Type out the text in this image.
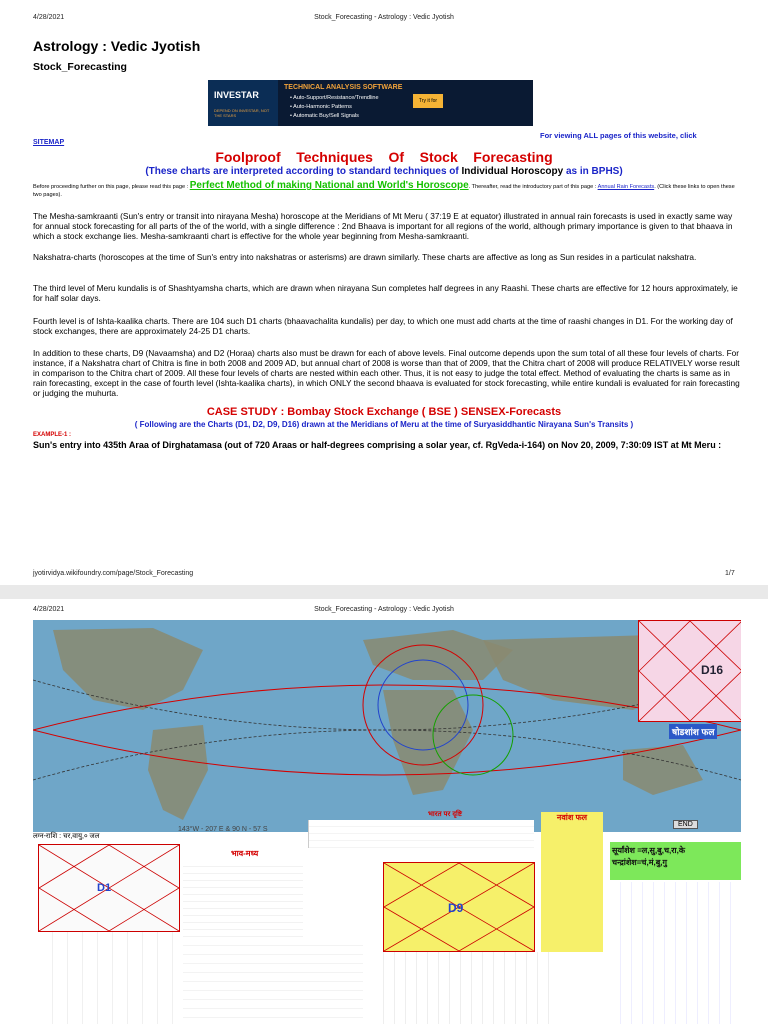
4/28/2021	Stock_Forecasting - Astrology : Vedic Jyotish
Astrology : Vedic Jyotish
Stock_Forecasting
INVESTAR
DEPEND ON INVESTAR, NOT THE STARS
TECHNICAL ANALYSIS SOFTWARE
• Auto-Support/Resistance/Trendline
• Auto-Harmonic Patterns
• Automatic Buy/Sell Signals
Try it for
For viewing ALL pages of this website, click
SITEMAP
Foolproof    Techniques    Of    Stock    Forecasting
(These charts are interpreted according to standard techniques of Individual Horoscopy as in BPHS)
Before proceeding further on this page, please read this page : Perfect Method of making National and World's Horoscope. Thereafter, read the introductory part of this page : Annual Rain Forecasts. (Click these links to open these two pages).
The Mesha-samkraanti (Sun's entry or transit into nirayana Mesha) horoscope at the Meridians of Mt Meru ( 37:19 E at equator) illustrated in annual rain forecasts is used in exactly same way for annual stock forecasting for all parts of the of the world, with a single difference : 2nd Bhaava is important for all regions of the world, although primary importance is given to that bhaava in which a stock exchange lies. Mesha-samkraanti chart is effective for the whole year beginning from Mesha-samkraanti.
Nakshatra-charts (horoscopes at the time of Sun's entry into nakshatras or asterisms) are drawn similarly. These charts are affective as long as Sun resides in a particulat nakshatra.
The third level of Meru kundalis is of Shashtyamsha charts, which are drawn when nirayana Sun completes half degrees in any Raashi. These charts are effective for 12 hours approximately, ie for half solar days.
Fourth level is of Ishta-kaalika charts. There are 104 such D1 charts (bhaavachalita kundalis) per day, to which one must add charts at the time of raashi changes in D1. For the working day of stock exchanges, there are approximately 24-25 D1 charts.
In addition to these charts, D9 (Navaamsha) and D2 (Horaa) charts also must be drawn for each of above levels. Final outcome depends upon the sum total of all these four levels of charts. For instance, if a Nakshatra chart of Chitra is fine in both 2008 and 2009 AD, but annual chart of 2008 is worse than that of 2009, that the Chitra chart of 2008 will produce RELATIVELY worse result in comparison to the Chitra chart of 2009. All these four levels of charts are nested within each other. Thus, it is not easy to judge the total effect. Method of evaluating the charts is same as in rain forecasting, except in the case of fourth level (Ishta-kaalika charts), in which ONLY the second bhaava is evaluated for stock forecasting, while entire kundali is evaluated for rain forecasting or judging the muhurta.
CASE STUDY : Bombay Stock Exchange ( BSE ) SENSEX-Forecasts
( Following are the Charts (D1, D2, D9, D16) drawn at the Meridians of Meru at the time of Suryasiddhantic Nirayana Sun's Transits )
EXAMPLE-1 :
Sun's entry into 435th Araa of Dirghatamasa (out of 720 Araas or half-degrees comprising a solar year, cf. RgVeda-i-164) on Nov 20, 2009, 7:30:09 IST at Mt Meru :
jyotirvidya.wikifoundry.com/page/Stock_Forecasting	1/7
4/28/2021	Stock_Forecasting - Astrology : Vedic Jyotish
D16
षोडशांश फल
END
लग्न-राशि : चर,वायु,० जल
143°W - 207 E & 90 N - 57 S
D1
भाव-मध्य
भारत पर दृष्टि
D9
नवांश फल
सूर्यांशेश =ल,सु,बु,च,रा,के
चन्द्रांशेश=चं,मं,बु,गु
